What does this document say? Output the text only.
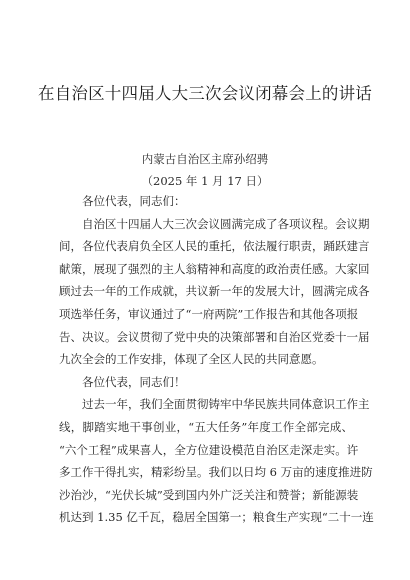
在自治区十四届人大三次会议闭幕会上的讲话
内蒙古自治区主席孙绍骋
（2025 年 1 月 17 日）
各位代表，同志们：
自治区十四届人大三次会议圆满完成了各项议程。会议期
间，各位代表肩负全区人民的重托，依法履行职责，踊跃建言
献策，展现了强烈的主人翁精神和高度的政治责任感。大家回
顾过去一年的工作成就，共议新一年的发展大计，圆满完成各
项选举任务，审议通过了“一府两院”工作报告和其他各项报
告、决议。会议贯彻了党中央的决策部署和自治区党委十一届
九次全会的工作安排，体现了全区人民的共同意愿。
各位代表，同志们！
过去一年，我们全面贯彻铸牢中华民族共同体意识工作主
线，脚踏实地干事创业，“五大任务”年度工作全部完成、
“六个工程”成果喜人，全方位建设模范自治区走深走实。许
多工作干得扎实，精彩纷呈。我们以日均 6 万亩的速度推进防
沙治沙，“光伏长城”受到国内外广泛关注和赞誉；新能源装
机达到 1.35 亿千瓦，稳居全国第一；粮食生产实现“二十一连
